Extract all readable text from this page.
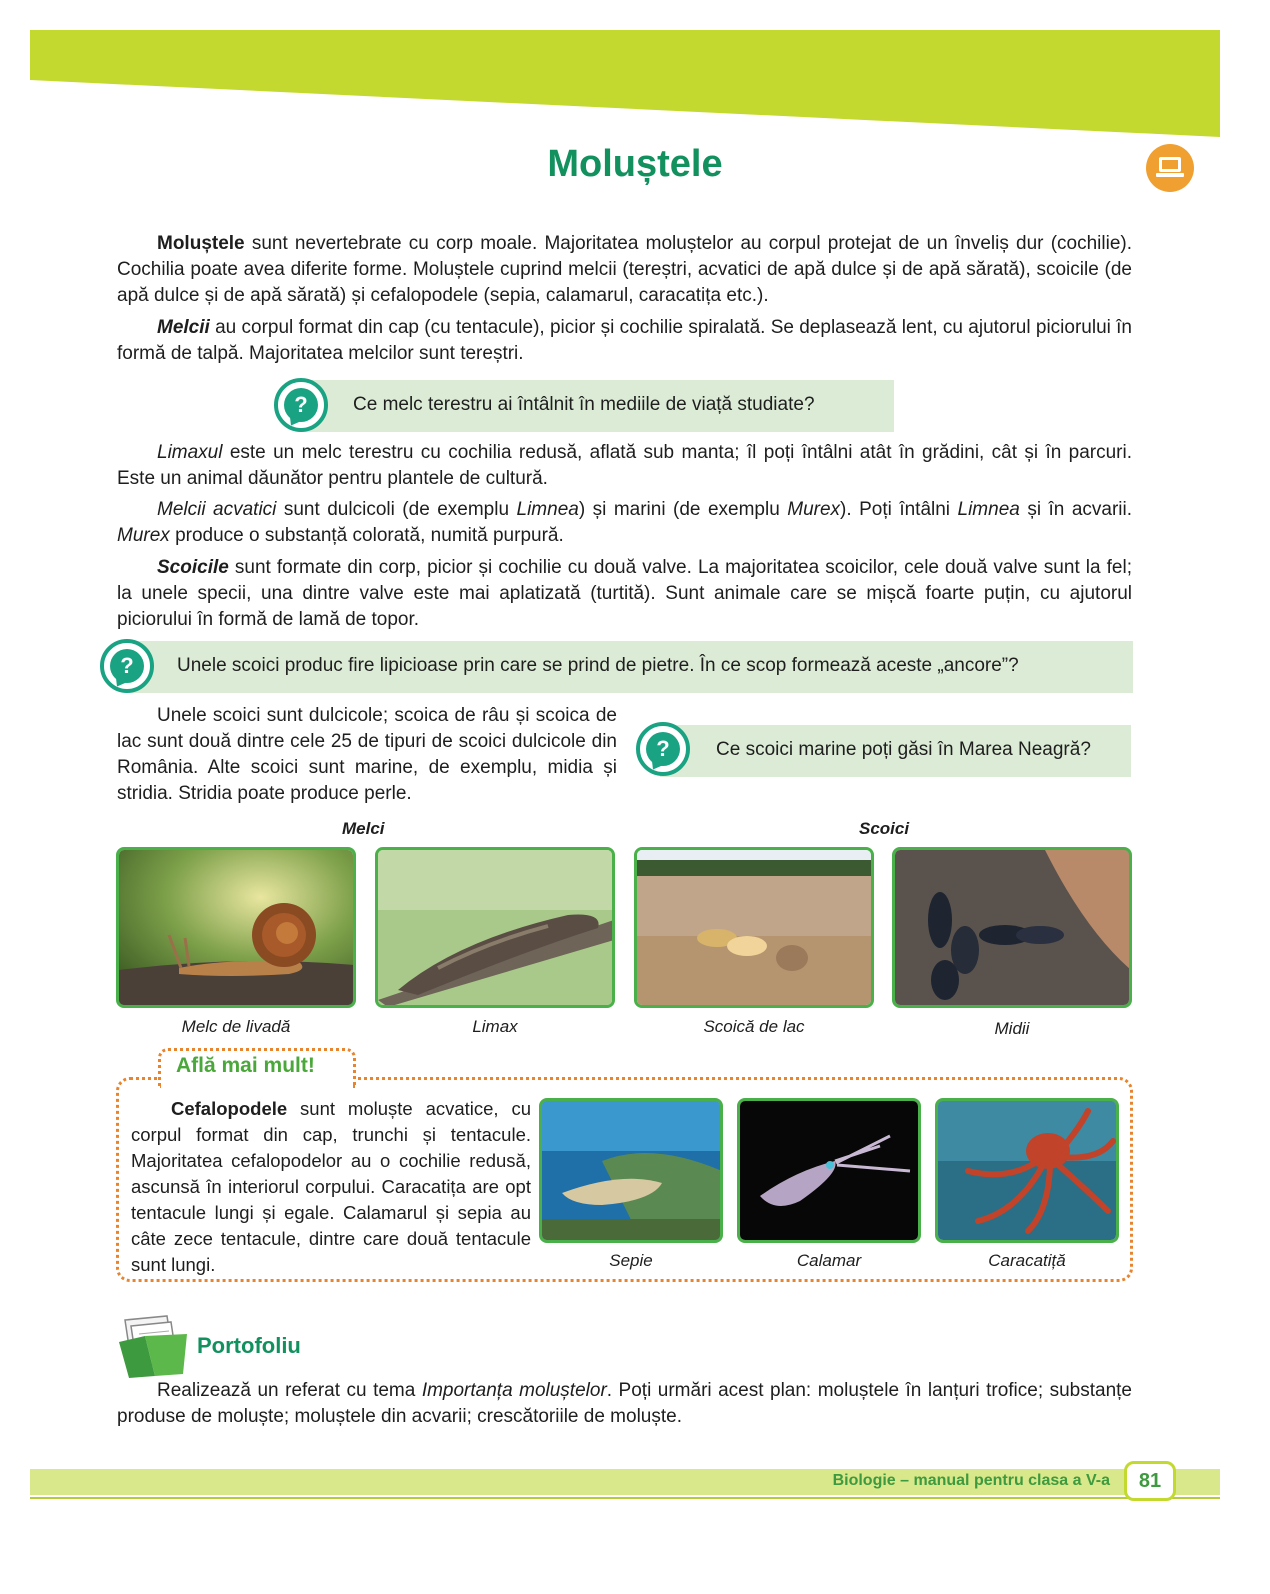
Moluștele

Moluștele sunt nevertebrate cu corp moale. Majoritatea moluștelor au corpul protejat de un înveliș dur (cochilie). Cochilia poate avea diferite forme. Moluștele cuprind melcii (tereștri, acvatici de apă dulce și de apă sărată), scoicile (de apă dulce și de apă sărată) și cefalopodele (sepia, calamarul, caracatița etc.).

Melcii au corpul format din cap (cu tentacule), picior și cochilie spiralată. Se deplasează lent, cu ajutorul piciorului în formă de talpă. Majoritatea melcilor sunt tereștri.

?	Ce melc terestru ai întâlnit în mediile de viață studiate?

Limaxul este un melc terestru cu cochilia redusă, aflată sub manta; îl poți întâlni atât în grădini, cât și în parcuri. Este un animal dăunător pentru plantele de cultură.

Melcii acvatici sunt dulcicoli (de exemplu Limnea) și marini (de exemplu Murex). Poți întâlni Limnea și în acvarii. Murex produce o substanță colorată, numită purpură.

Scoicile sunt formate din corp, picior și cochilie cu două valve. La majoritatea scoicilor, cele două valve sunt la fel; la unele specii, una dintre valve este mai aplatizată (turtită). Sunt animale care se mișcă foarte puțin, cu ajutorul piciorului în formă de lamă de topor.

?	Unele scoici produc fire lipicioase prin care se prind de pietre. În ce scop formează aceste „ancore”?

Unele scoici sunt dulcicole; scoica de râu și scoica de lac sunt două dintre cele 25 de tipuri de scoici dulcicole din România. Alte scoici sunt marine, de exemplu, midia și stridia. Stridia poate produce perle.

?	Ce scoici marine poți găsi în Marea Neagră?
Melci	Scoici
Melc de livadă	Limax	Scoică de lac	Midii
Află mai mult!

Cefalopodele sunt moluște acvatice, cu corpul format din cap, trunchi și tentacule. Majoritatea cefalopodelor au o cochilie redusă, ascunsă în interiorul corpului. Caracatița are opt tentacule lungi și egale. Calamarul și sepia au câte zece tentacule, dintre care două tentacule sunt lungi.	Sepie	Calamar	Caracatiță
Portofoliu

Realizează un referat cu tema Importanța moluștelor. Poți urmări acest plan: moluștele în lanțuri trofice; substanțe produse de moluște; moluștele din acvarii; crescătoriile de moluște.

Biologie – manual pentru clasa a V-a	81
